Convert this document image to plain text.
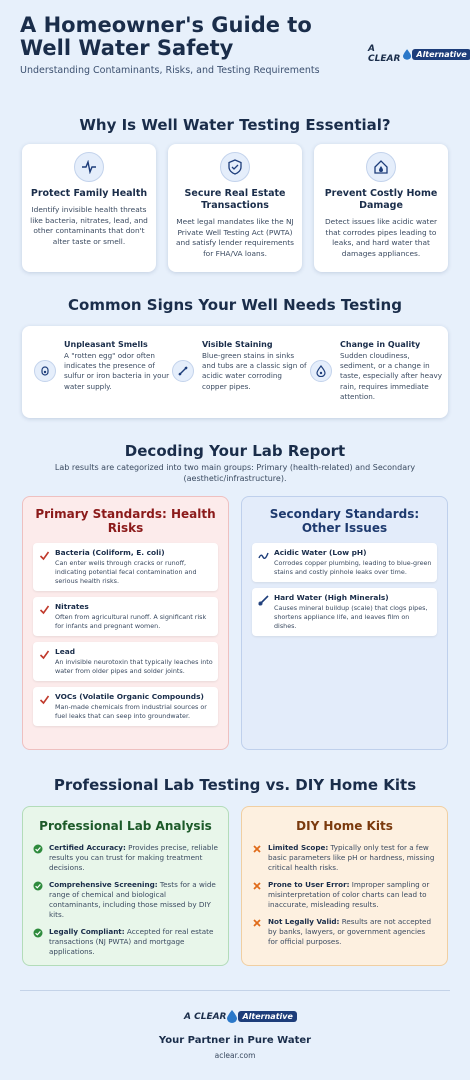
A Homeowner's Guide to Well Water Safety
Understanding Contaminants, Risks, and Testing Requirements
A CLEAR	Alternative
Why Is Well Water Testing Essential?
Protect Family Health
Identify invisible health threats like bacteria, nitrates, lead, and other contaminants that don't alter taste or smell.
Secure Real Estate Transactions
Meet legal mandates like the NJ Private Well Testing Act (PWTA) and satisfy lender requirements for FHA/VA loans.
Prevent Costly Home Damage
Detect issues like acidic water that corrodes pipes leading to leaks, and hard water that damages appliances.
Common Signs Your Well Needs Testing
Unpleasant Smells
A "rotten egg" odor often indicates the presence of sulfur or iron bacteria in your water supply.
Visible Staining
Blue-green stains in sinks and tubs are a classic sign of acidic water corroding copper pipes.
Change in Quality
Sudden cloudiness, sediment, or a change in taste, especially after heavy rain, requires immediate attention.
Decoding Your Lab Report
Lab results are categorized into two main groups: Primary (health-related) and Secondary (aesthetic/infrastructure).
Primary Standards: Health Risks
Bacteria (Coliform, E. coli)
Can enter wells through cracks or runoff, indicating potential fecal contamination and serious health risks.
Nitrates
Often from agricultural runoff. A significant risk for infants and pregnant women.
Lead
An invisible neurotoxin that typically leaches into water from older pipes and solder joints.
VOCs (Volatile Organic Compounds)
Man-made chemicals from industrial sources or fuel leaks that can seep into groundwater.
Secondary Standards: Other Issues
Acidic Water (Low pH)
Corrodes copper plumbing, leading to blue-green stains and costly pinhole leaks over time.
Hard Water (High Minerals)
Causes mineral buildup (scale) that clogs pipes, shortens appliance life, and leaves film on dishes.
Professional Lab Testing vs. DIY Home Kits
Professional Lab Analysis
Certified Accuracy: Provides precise, reliable results you can trust for making treatment decisions.
Comprehensive Screening: Tests for a wide range of chemical and biological contaminants, including those missed by DIY kits.
Legally Compliant: Accepted for real estate transactions (NJ PWTA) and mortgage applications.
DIY Home Kits
Limited Scope: Typically only test for a few basic parameters like pH or hardness, missing critical health risks.
Prone to User Error: Improper sampling or misinterpretation of color charts can lead to inaccurate, misleading results.
Not Legally Valid: Results are not accepted by banks, lawyers, or government agencies for official purposes.
A CLEAR	Alternative
Your Partner in Pure Water
aclear.com
